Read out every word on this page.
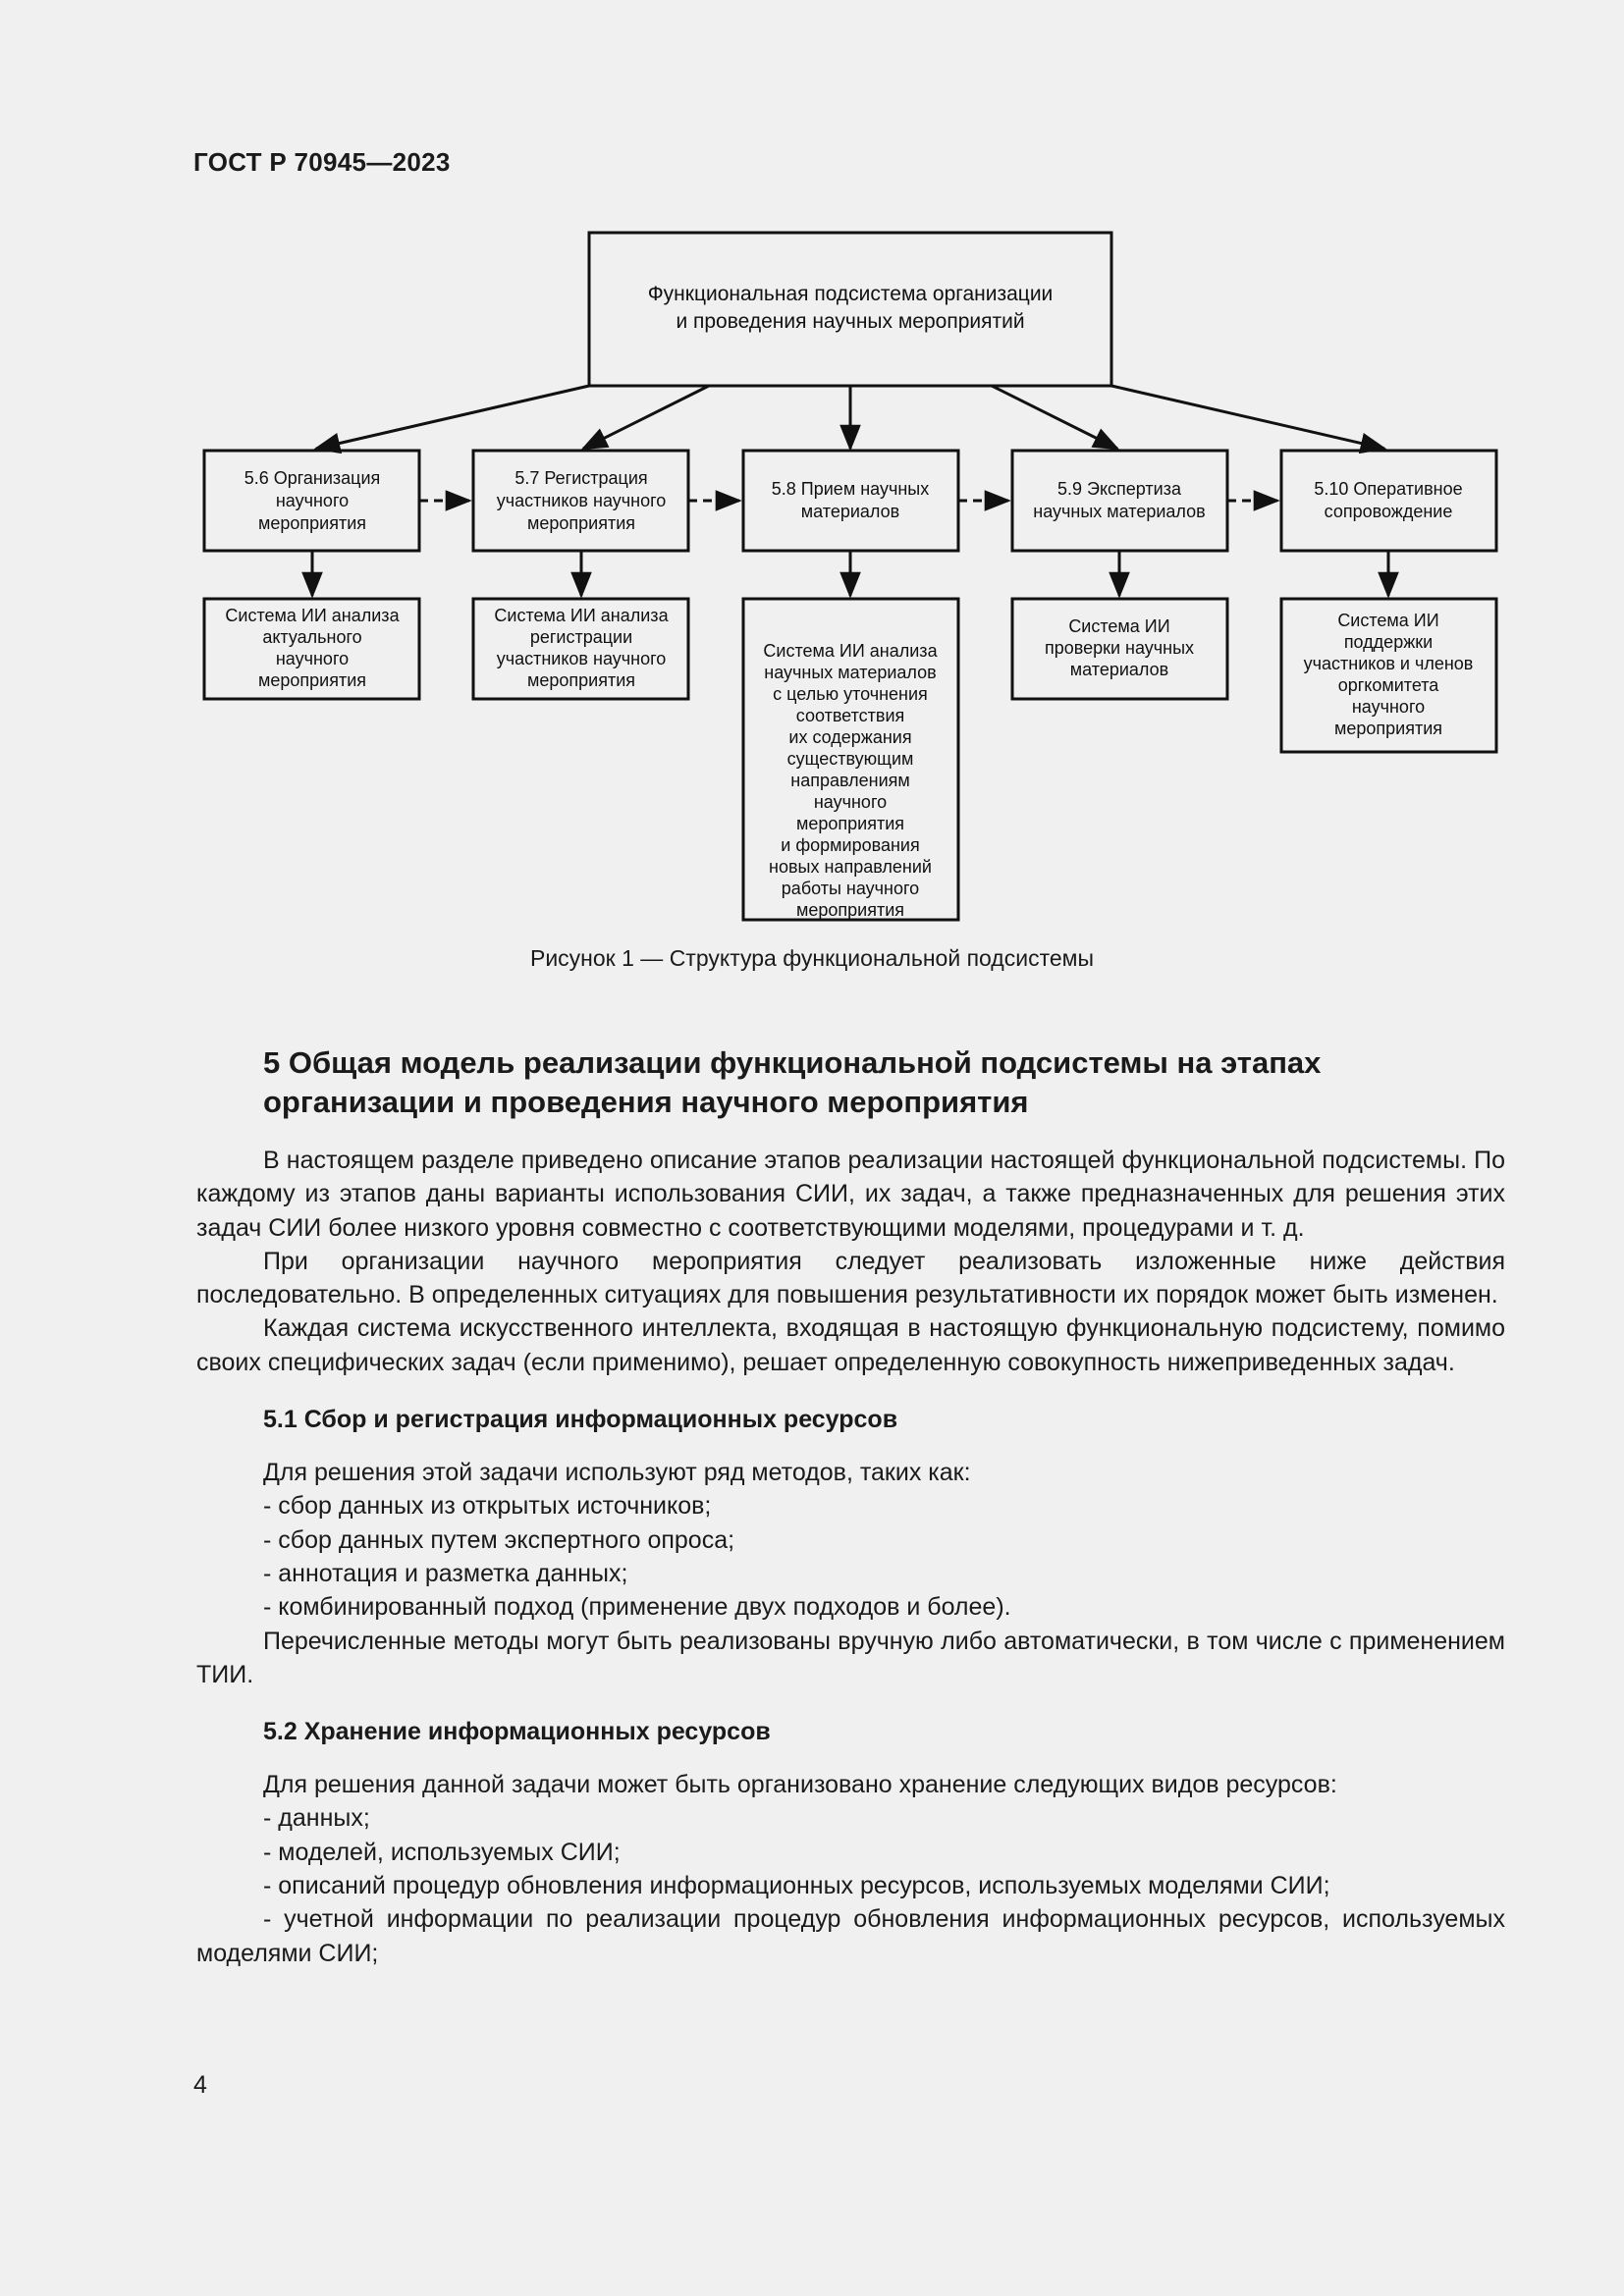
ГОСТ Р 70945—2023
Функциональная подсистема организации
и проведения научных мероприятий
5.6 Организация
научного
мероприятия
5.7 Регистрация
участников научного
мероприятия
5.8 Прием научных
материалов
5.9 Экспертиза
научных материалов
5.10 Оперативное
сопровождение
Система ИИ анализа
актуального
научного
мероприятия
Система ИИ анализа
регистрации
участников научного
мероприятия
Система ИИ анализа
научных материалов
с целью уточнения
соответствия
их содержания
существующим
направлениям
научного
мероприятия
и формирования
новых направлений
работы научного
мероприятия
Система ИИ
проверки научных
материалов
Система ИИ
поддержки
участников и членов
оргкомитета
научного
мероприятия
Рисунок 1 — Структура функциональной подсистемы
5 Общая модель реализации функциональной подсистемы на этапах
организации и проведения научного мероприятия

В настоящем разделе приведено описание этапов реализации настоящей функциональной подсистемы. По каждому из этапов даны варианты использования СИИ, их задач, а также предназначенных для решения этих задач СИИ более низкого уровня совместно с соответствующими моделями, процедурами и т. д.

При организации научного мероприятия следует реализовать изложенные ниже действия последовательно. В определенных ситуациях для повышения результативности их порядок может быть изменен.

Каждая система искусственного интеллекта, входящая в настоящую функциональную подсистему, помимо своих специфических задач (если применимо), решает определенную совокупность нижеприведенных задач.

5.1 Сбор и регистрация информационных ресурсов

Для решения этой задачи используют ряд методов, таких как:

- сбор данных из открытых источников;

- сбор данных путем экспертного опроса;

- аннотация и разметка данных;

- комбинированный подход (применение двух подходов и более).

Перечисленные методы могут быть реализованы вручную либо автоматически, в том числе с применением ТИИ.

5.2 Хранение информационных ресурсов

Для решения данной задачи может быть организовано хранение следующих видов ресурсов:

- данных;

- моделей, используемых СИИ;

- описаний процедур обновления информационных ресурсов, используемых моделями СИИ;

- учетной информации по реализации процедур обновления информационных ресурсов, используемых моделями СИИ;

4
